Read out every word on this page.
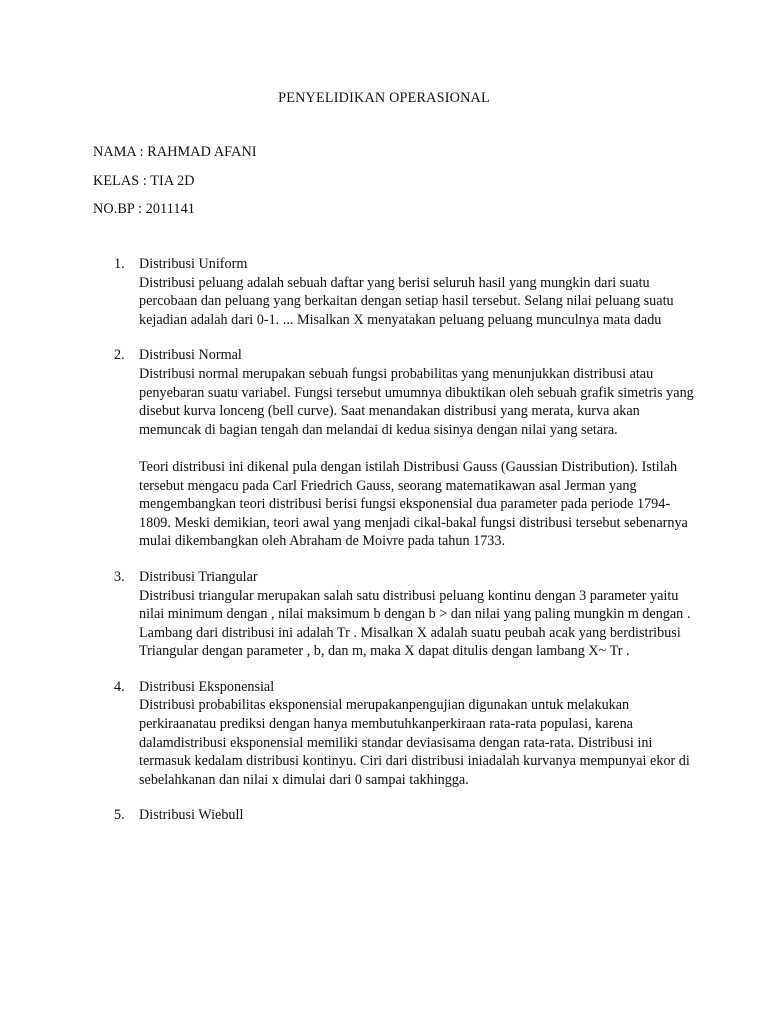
PENYELIDIKAN OPERASIONAL
NAMA : RAHMAD AFANI
KELAS : TIA 2D
NO.BP : 2011141
1. Distribusi Uniform

Distribusi peluang adalah sebuah daftar yang berisi seluruh hasil yang mungkin dari suatu percobaan dan peluang yang berkaitan dengan setiap hasil tersebut. Selang nilai peluang suatu kejadian adalah dari 0-1. ... Misalkan X menyatakan peluang peluang munculnya mata dadu

2. Distribusi Normal

Distribusi normal merupakan sebuah fungsi probabilitas yang menunjukkan distribusi atau penyebaran suatu variabel. Fungsi tersebut umumnya dibuktikan oleh sebuah grafik simetris yang disebut kurva lonceng (bell curve). Saat menandakan distribusi yang merata, kurva akan memuncak di bagian tengah dan melandai di kedua sisinya dengan nilai yang setara.

Teori distribusi ini dikenal pula dengan istilah Distribusi Gauss (Gaussian Distribution). Istilah tersebut mengacu pada Carl Friedrich Gauss, seorang matematikawan asal Jerman yang mengembangkan teori distribusi berisi fungsi eksponensial dua parameter pada periode 1794-1809. Meski demikian, teori awal yang menjadi cikal-bakal fungsi distribusi tersebut sebenarnya mulai dikembangkan oleh Abraham de Moivre pada tahun 1733.

3. Distribusi Triangular

Distribusi triangular merupakan salah satu distribusi peluang kontinu dengan 3 parameter yaitu nilai minimum dengan , nilai maksimum b dengan b > dan nilai yang paling mungkin m dengan . Lambang dari distribusi ini adalah Tr . Misalkan X adalah suatu peubah acak yang berdistribusi Triangular dengan parameter , b, dan m, maka X dapat ditulis dengan lambang X~ Tr .

4. Distribusi Eksponensial

Distribusi probabilitas eksponensial merupakanpengujian digunakan untuk melakukan perkiraanatau prediksi dengan hanya membutuhkanperkiraan rata-rata populasi, karena dalamdistribusi eksponensial memiliki standar deviasisama dengan rata-rata. Distribusi ini termasuk kedalam distribusi kontinyu. Ciri dari distribusi iniadalah kurvanya mempunyai ekor di sebelahkanan dan nilai x dimulai dari 0 sampai takhingga.

5. Distribusi Wiebull
